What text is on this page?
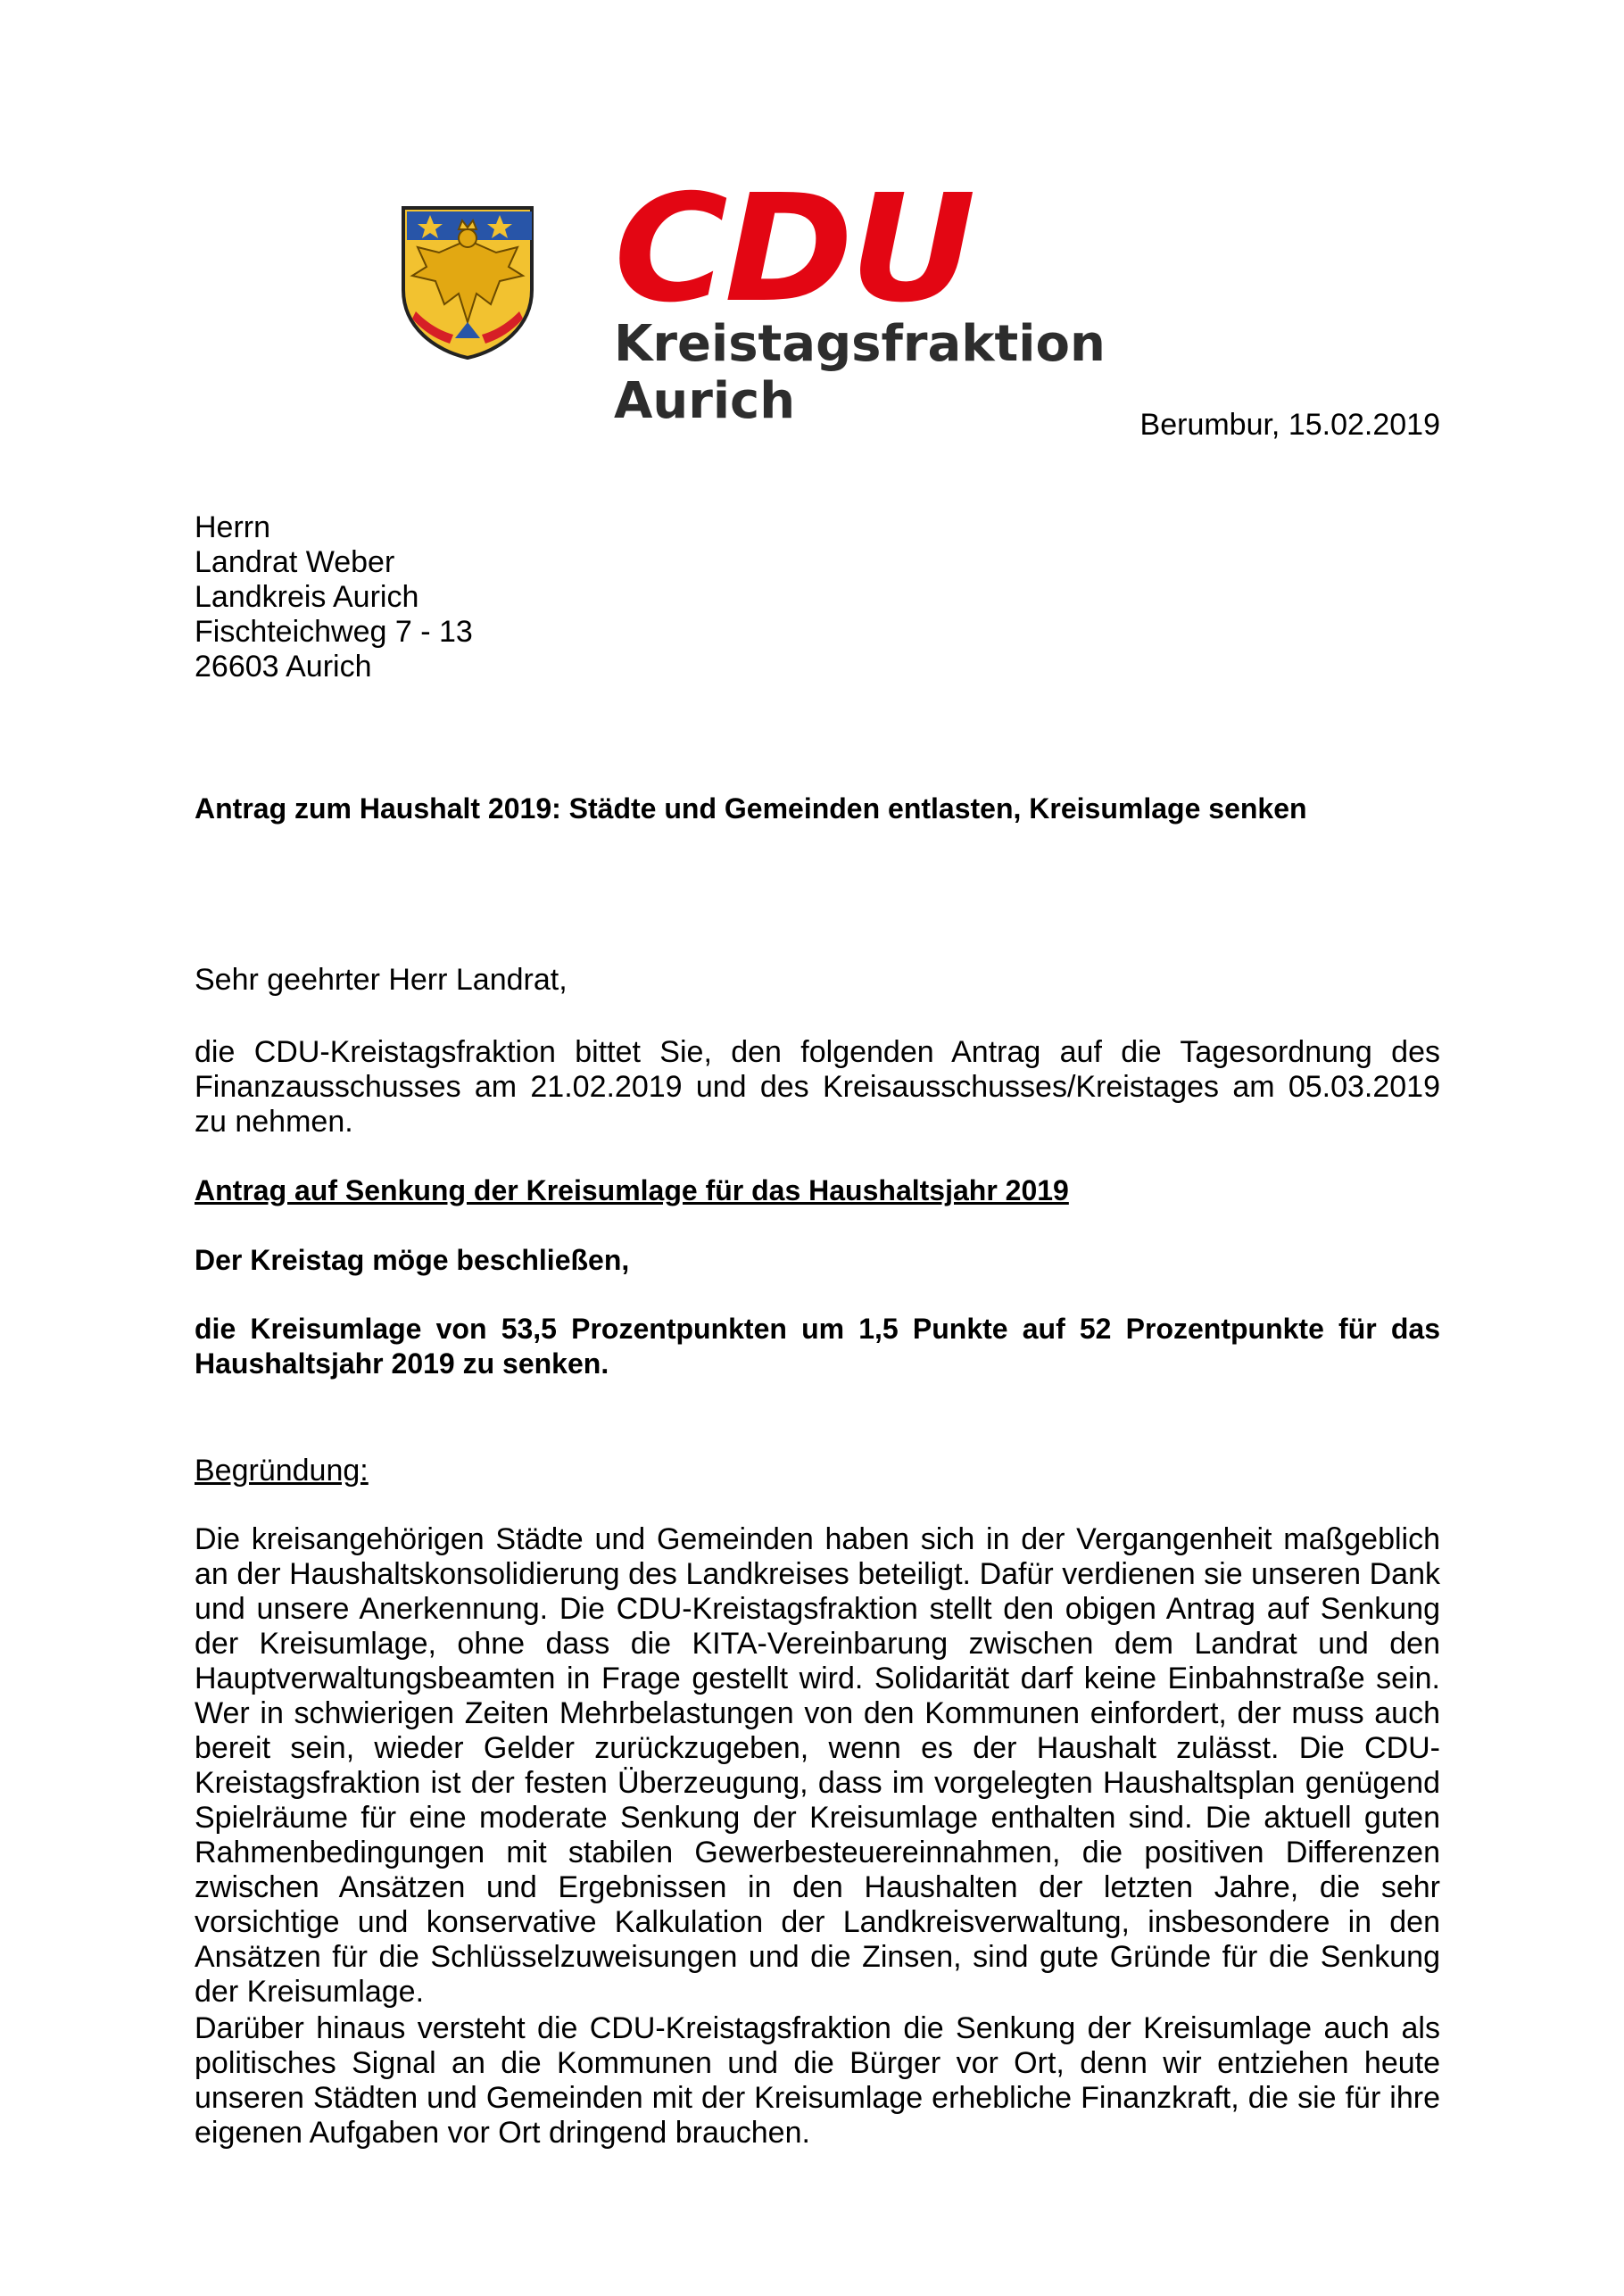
CDU
Kreistagsfraktion Aurich	Berumbur, 15.02.2019
Herrn
Landrat Weber
Landkreis Aurich
Fischteichweg 7 - 13
26603 Aurich
Antrag zum Haushalt 2019: Städte und Gemeinden entlasten, Kreisumlage senken
Sehr geehrter Herr Landrat,
die CDU-Kreistagsfraktion bittet Sie, den folgenden Antrag auf die Tagesordnung des Finanzausschusses am 21.02.2019 und des Kreisausschusses/Kreistages am 05.03.2019 zu nehmen.
Antrag auf Senkung der Kreisumlage für das Haushaltsjahr 2019
Der Kreistag möge beschließen,
die Kreisumlage von 53,5 Prozentpunkten um 1,5 Punkte auf 52 Prozentpunkte für das Haushaltsjahr 2019 zu senken.
Begründung:
Die kreisangehörigen Städte und Gemeinden haben sich in der Vergangenheit maßgeblich an der Haushaltskonsolidierung des Landkreises beteiligt. Dafür verdienen sie unseren Dank und unsere Anerkennung. Die CDU-Kreistagsfraktion stellt den obigen Antrag auf Senkung der Kreisumlage, ohne dass die KITA-Vereinbarung zwischen dem Landrat und den Hauptverwaltungsbeamten in Frage gestellt wird. Solidarität darf keine Einbahnstraße sein. Wer in schwierigen Zeiten Mehrbelastungen von den Kommunen einfordert, der muss auch bereit sein, wieder Gelder zurückzugeben, wenn es der Haushalt zulässt. Die CDU-Kreistagsfraktion ist der festen Überzeugung, dass im vorgelegten Haushaltsplan genügend Spielräume für eine moderate Senkung der Kreisumlage enthalten sind. Die aktuell guten Rahmenbedingungen mit stabilen Gewerbesteuereinnahmen, die positiven Differenzen zwischen Ansätzen und Ergebnissen in den Haushalten der letzten Jahre, die sehr vorsichtige und konservative Kalkulation der Landkreisverwaltung, insbesondere in den Ansätzen für die Schlüsselzuweisungen und die Zinsen, sind gute Gründe für die Senkung der Kreisumlage.
Darüber hinaus versteht die CDU-Kreistagsfraktion die Senkung der Kreisumlage auch als politisches Signal an die Kommunen und die Bürger vor Ort, denn wir entziehen heute unseren Städten und Gemeinden mit der Kreisumlage erhebliche Finanzkraft, die sie für ihre eigenen Aufgaben vor Ort dringend brauchen.
